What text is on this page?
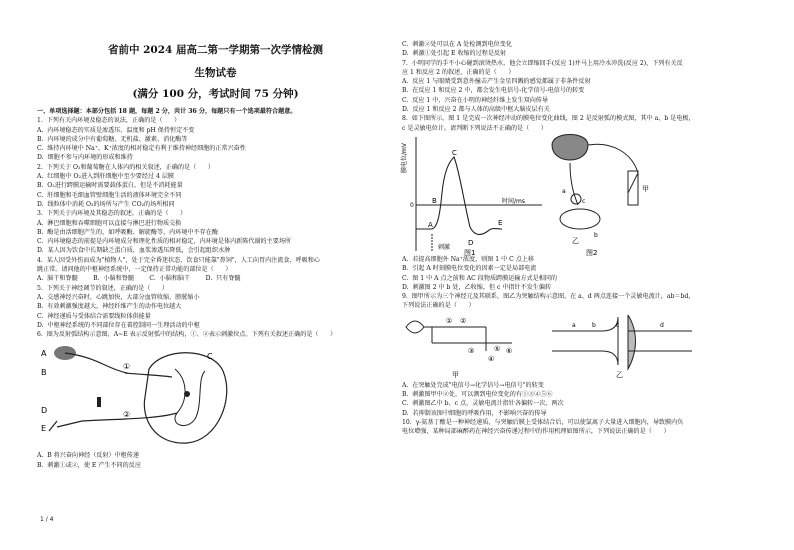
省前中 2024 届高二第一学期第一次学情检测
生物试卷
(满分 100 分，考试时间 75 分钟)
一、单项选择题：本部分包括 18 题，每题 2 分，共计 36 分，每题只有一个选项最符合题意。
1.  下列有关内环境及稳态的说法，正确的是（      ）
A.  内环境稳态的实质是渗透压、温度和 pH 保持恒定不变
B.  内环境的成分中有葡萄糖、无机盐、激素、消化酶等
C.  维持内环境中 Na⁺、K⁺浓度的相对稳定有利于维持神经细胞的正常兴奋性
D.  细胞不参与内环境的形成和维持
2.  下列关于 O₂和葡萄糖在人体内的相关叙述，正确的是（      ）
A.  红细胞中 O₂进入到肝细胞中至少要经过 4 层膜
B.  O₂进行跨膜运输时需要载体蛋白，但是不消耗能量
C.  肝细胞和毛细血管壁细胞生活的液体环境完全不同
D.  线粒体中消耗 O₂的场所与产生 CO₂的场所相同
3.  下列关于内环境及其稳态的叙述，正确的是（      ）
A.  淋巴细胞和吞噬细胞可以直接与淋巴进行物质交换
B.  酶是由活细胞产生的，如呼吸酶、解旋酶等，内环境中不存在酶
C.  内环境稳态的前提是内环境成分和理化性质的相对稳定，内环境是体内新陈代谢的主要场所
D.  某人因为饮食中长期缺乏蛋白质，血浆渗透压降低，会引起组织水肿
4.  某人因受外伤而成为"植物人"，处于完全昏迷状态，饮食只能靠"鼻饲"，人工向胃内注流食，呼吸和心
跳正常。请问他的中枢神经系统中，一定保持正常功能的部位是（      ）
A.  脑干和脊髓        B.  小脑和脊髓        C.  小脑和脑干        D.  只有脊髓
5.  下列关于神经调节的叙述，正确的是（      ）
A.  交感神经兴奋时，心跳加快，大部分血管收缩，膀胱缩小
B.  有效刺激强度越大，神经纤维产生的动作电位越大
C.  神经递质与受体结合需要线粒体供能量
D.  中枢神经系统的不同部位存在着控制同一生理活动的中枢
6.  图为反射弧结构示意图，A~E 表示反射弧中的结构，①、②表示刺激位点。下列有关叙述正确的是（      ）
A
B
C
D
E
①
②
A.  B 将兴奋向神经（反射）中枢传递
B.  刺激①或②，使 E 产生不同的反应
C.  刺激②处可以在 A 处检测到电位变化
D.  刺激①处引起 E 收缩的过程是反射
7.  小明同学的手不小心碰到滚烫热水，他会立即缩回手(反应 1)并马上用冷水冲洗(反应 2)，下列有关反
应 1 和反应 2 的叙述，正确的是（      ）
A.  反应 1 与眼睛受到意外撞击产生金星四溅的感觉都属于非条件反射
B.  在反应 1 和反应 2 中，都会发生电信号-化学信号-电信号的转变
C.  反应 1 中，兴奋在小明的神经纤维上发生双向传导
D.  反应 1 和反应 2 都与人体的高级中枢大脑皮层有关
8.  如下图所示，图 1 是完成一次神经冲动的膜电位变化曲线，图 2 是反射弧的模式图，其中 a、b 是电极，
c 是灵敏电位计。请判断下列说法不正确的是（      ）
膜电位/mV
时间/ms
0
A
B
C
D
E
刺激
图1
甲
乙
c
a
b
图2
A.  若提高细胞外 Na⁺浓度，则图 1 中 C 点上移
B.  引起 A 时刻膜电位变化的因素一定是局部电流
C.  图 1 中 A 点之前和 AC 段物质跨膜运输方式是相同的
D.  刺激图 2 中 b 处，乙收缩，但 c 中指针不发生偏转
9.  图甲所示为三个神经元及其联系，图乙为突触结构示意图，在 a、d 两点连接一个灵敏电流计，ab＝bd，
下列说法正确的是（      ）
① ②
③
④
⑤ ⑥
甲
a	b	c	d
乙
A.  在突触处完成"电信号→化学信号→电信号"的转变
B.  刺激图甲中②处，可以测到电位变化的有①③④⑤⑥
C.  刺激图乙中 b、c 点，灵敏电流计指针各偏转一次、两次
D.  若抑制该图中细胞的呼吸作用，不影响兴奋的传导
10.  γ-氨基丁酸是一种神经递质，与突触后膜上受体结合后，可以使氯离子大量进入细胞内，导致膜内负
电位增强，某种局部麻醉药在神经兴奋传递过程中的作用机理如图所示，下列说法正确的是（      ）
1 / 4
